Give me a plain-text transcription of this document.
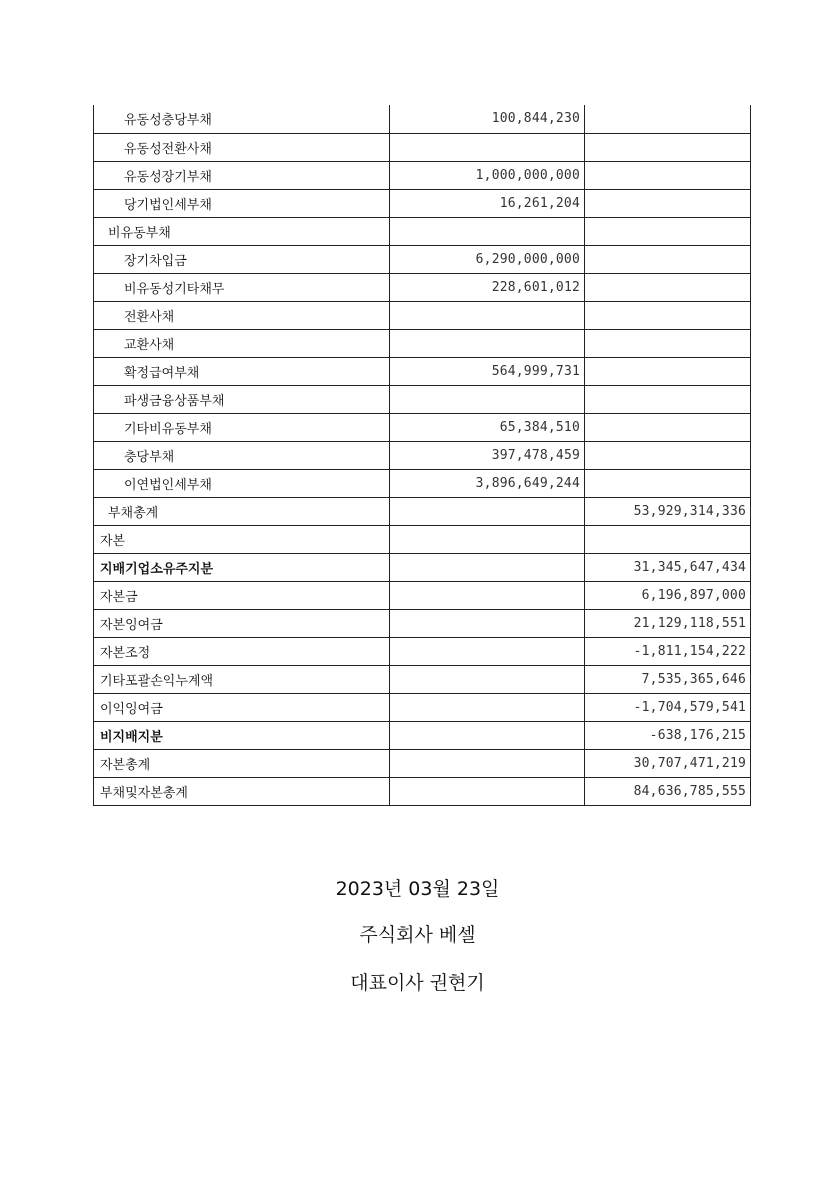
유동성충당부채	100,844,230	
유동성전환사채		
유동성장기부채	1,000,000,000	
당기법인세부채	16,261,204	
비유동부채		
장기차입금	6,290,000,000	
비유동성기타채무	228,601,012	
전환사채		
교환사채		
확정급여부채	564,999,731	
파생금융상품부채		
기타비유동부채	65,384,510	
충당부채	397,478,459	
이연법인세부채	3,896,649,244	
부채총계		53,929,314,336
자본		
지배기업소유주지분		31,345,647,434
자본금		6,196,897,000
자본잉여금		21,129,118,551
자본조정		-1,811,154,222
기타포괄손익누계액		7,535,365,646
이익잉여금		-1,704,579,541
비지배지분		-638,176,215
자본총계		30,707,471,219
부채및자본총계		84,636,785,555
2023년 03월 23일
주식회사 베셀
대표이사 권현기
